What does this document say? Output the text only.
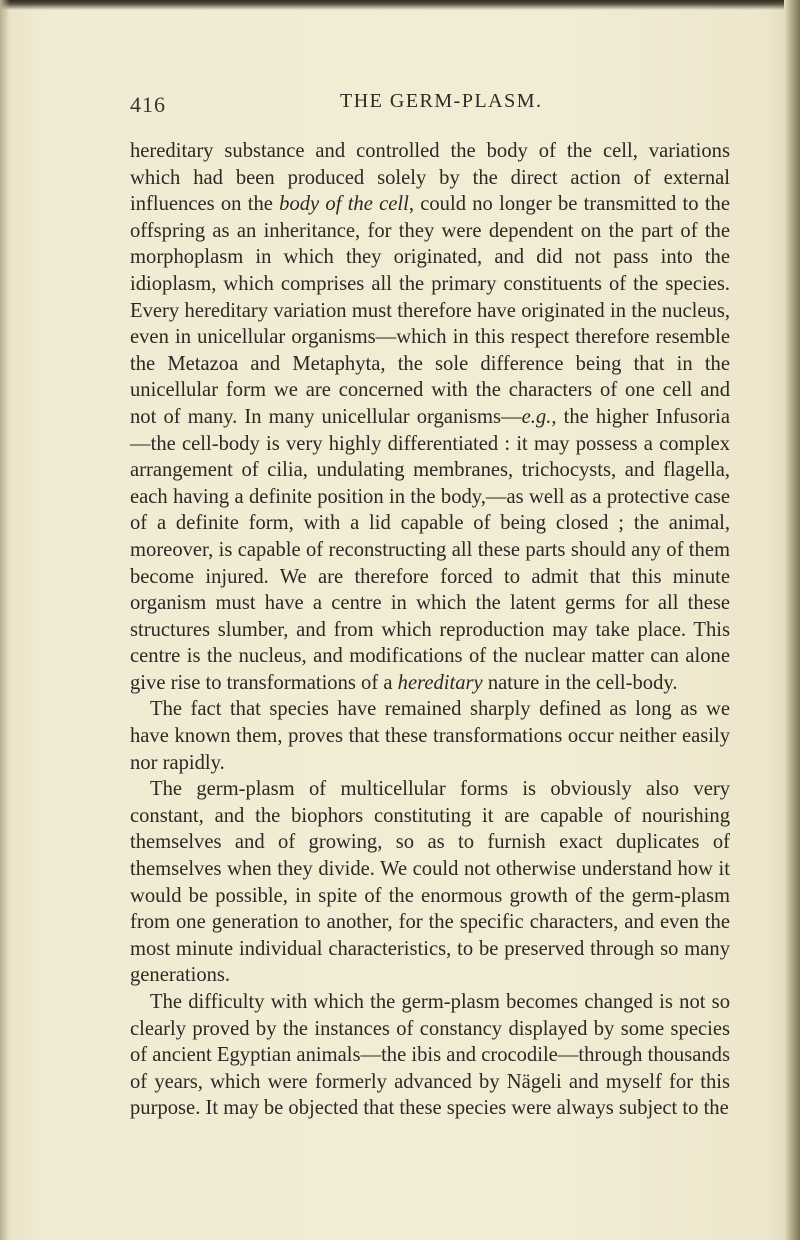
416	THE GERM-PLASM.

hereditary substance and controlled the body of the cell, variations which had been produced solely by the direct action of external influences on the body of the cell, could no longer be transmitted to the offspring as an inheritance, for they were dependent on the part of the morphoplasm in which they originated, and did not pass into the idioplasm, which comprises all the primary constituents of the species. Every hereditary variation must therefore have originated in the nucleus, even in unicellular organisms—which in this respect therefore resemble the Metazoa and Metaphyta, the sole difference being that in the unicellular form we are concerned with the characters of one cell and not of many. In many unicellular organisms—e.g., the higher Infusoria—the cell-body is very highly differentiated : it may possess a complex arrangement of cilia, undulating membranes, trichocysts, and flagella, each having a definite position in the body,—as well as a protective case of a definite form, with a lid capable of being closed ; the animal, moreover, is capable of reconstructing all these parts should any of them become injured. We are therefore forced to admit that this minute organism must have a centre in which the latent germs for all these structures slumber, and from which reproduction may take place. This centre is the nucleus, and modifications of the nuclear matter can alone give rise to transformations of a hereditary nature in the cell-body.

The fact that species have remained sharply defined as long as we have known them, proves that these transformations occur neither easily nor rapidly.

The germ-plasm of multicellular forms is obviously also very constant, and the biophors constituting it are capable of nourishing themselves and of growing, so as to furnish exact duplicates of themselves when they divide. We could not otherwise understand how it would be possible, in spite of the enormous growth of the germ-plasm from one generation to another, for the specific characters, and even the most minute individual characteristics, to be preserved through so many generations.

The difficulty with which the germ-plasm becomes changed is not so clearly proved by the instances of constancy displayed by some species of ancient Egyptian animals—the ibis and crocodile—through thousands of years, which were formerly advanced by Nägeli and myself for this purpose. It may be objected that these species were always subject to the
